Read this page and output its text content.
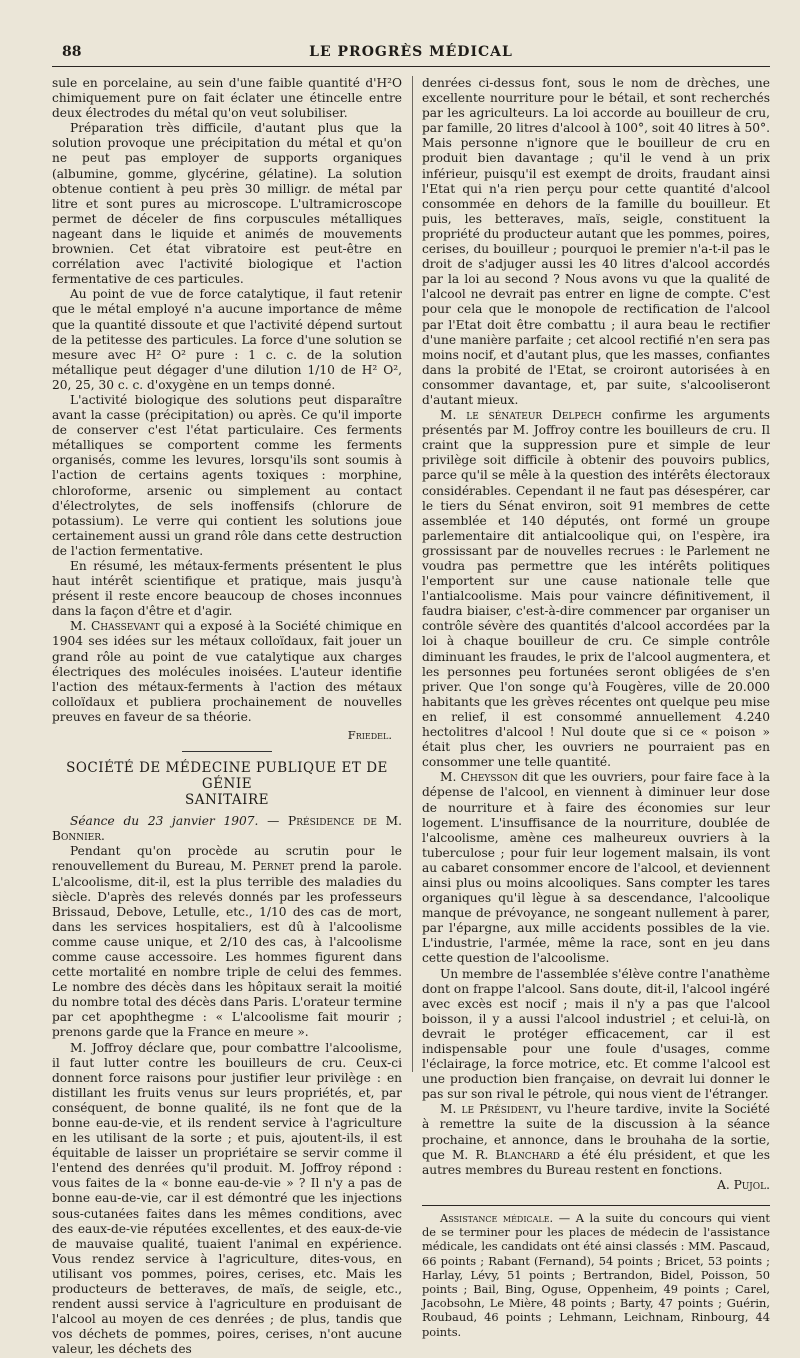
88	LE PROGRÈS MÉDICAL

sule en porcelaine, au sein d'une faible quantité d'H²O chimiquement pure on fait éclater une étincelle entre deux électrodes du métal qu'on veut solubiliser.

Préparation très difficile, d'autant plus que la solution provoque une précipitation du métal et qu'on ne peut pas employer de supports organiques (albumine, gomme, glycérine, gélatine). La solution obtenue contient à peu près 30 milligr. de métal par litre et sont pures au microscope. L'ultramicroscope permet de déceler de fins corpuscules métalliques nageant dans le liquide et animés de mouvements brownien. Cet état vibratoire est peut-être en corrélation avec l'activité biologique et l'action fermentative de ces particules.

Au point de vue de force catalytique, il faut retenir que le métal employé n'a aucune importance de même que la quantité dissoute et que l'activité dépend surtout de la petitesse des particules. La force d'une solution se mesure avec H² O² pure : 1 c. c. de la solution métallique peut dégager d'une dilution 1/10 de H² O², 20, 25, 30 c. c. d'oxygène en un temps donné.

L'activité biologique des solutions peut disparaître avant la casse (précipitation) ou après. Ce qu'il importe de conserver c'est l'état particulaire. Ces ferments métalliques se comportent comme les ferments organisés, comme les levures, lorsqu'ils sont soumis à l'action de certains agents toxiques : morphine, chloroforme, arsenic ou simplement au contact d'électrolytes, de sels inoffensifs (chlorure de potassium). Le verre qui contient les solutions joue certainement aussi un grand rôle dans cette destruction de l'action fermentative.

En résumé, les métaux-ferments présentent le plus haut intérêt scientifique et pratique, mais jusqu'à présent il reste encore beaucoup de choses inconnues dans la façon d'être et d'agir.

M. Chassevant qui a exposé à la Société chimique en 1904 ses idées sur les métaux colloïdaux, fait jouer un grand rôle au point de vue catalytique aux charges électriques des molécules inoisées. L'auteur identifie l'action des métaux-ferments à l'action des métaux colloïdaux et publiera prochainement de nouvelles preuves en faveur de sa théorie.

Friedel.
SOCIÉTÉ DE MÉDECINE PUBLIQUE ET DE GÉNIE
SANITAIRE

Séance du 23 janvier 1907. — Présidence de M. Bonnier.

Pendant qu'on procède au scrutin pour le renouvellement du Bureau, M. Pernet prend la parole. L'alcoolisme, dit-il, est la plus terrible des maladies du siècle. D'après des relevés donnés par les professeurs Brissaud, Debove, Letulle, etc., 1/10 des cas de mort, dans les services hospitaliers, est dû à l'alcoolisme comme cause unique, et 2/10 des cas, à l'alcoolisme comme cause accessoire. Les hommes figurent dans cette mortalité en nombre triple de celui des femmes. Le nombre des décès dans les hôpitaux serait la moitié du nombre total des décès dans Paris. L'orateur termine par cet apophthegme : « L'alcoolisme fait mourir ; prenons garde que la France en meure ».

M. Joffroy déclare que, pour combattre l'alcoolisme, il faut lutter contre les bouilleurs de cru. Ceux-ci donnent force raisons pour justifier leur privilège : en distillant les fruits venus sur leurs propriétés, et, par conséquent, de bonne qualité, ils ne font que de la bonne eau-de-vie, et ils rendent service à l'agriculture en les utilisant de la sorte ; et puis, ajoutent-ils, il est équitable de laisser un propriétaire se servir comme il l'entend des denrées qu'il produit. M. Joffroy répond : vous faites de la « bonne eau-de-vie » ? Il n'y a pas de bonne eau-de-vie, car il est démontré que les injections sous-cutanées faites dans les mêmes conditions, avec des eaux-de-vie réputées excellentes, et des eaux-de-vie de mauvaise qualité, tuaient l'animal en expérience. Vous rendez service à l'agriculture, dites-vous, en utilisant vos pommes, poires, cerises, etc. Mais les producteurs de betteraves, de maïs, de seigle, etc., rendent aussi service à l'agriculture en produisant de l'alcool au moyen de ces denrées ; de plus, tandis que vos déchets de pommes, poires, cerises, n'ont aucune valeur, les déchets des

denrées ci-dessus font, sous le nom de drèches, une excellente nourriture pour le bétail, et sont recherchés par les agriculteurs. La loi accorde au bouilleur de cru, par famille, 20 litres d'alcool à 100°, soit 40 litres à 50°. Mais personne n'ignore que le bouilleur de cru en produit bien davantage ; qu'il le vend à un prix inférieur, puisqu'il est exempt de droits, fraudant ainsi l'Etat qui n'a rien perçu pour cette quantité d'alcool consommée en dehors de la famille du bouilleur. Et puis, les betteraves, maïs, seigle, constituent la propriété du producteur autant que les pommes, poires, cerises, du bouilleur ; pourquoi le premier n'a-t-il pas le droit de s'adjuger aussi les 40 litres d'alcool accordés par la loi au second ? Nous avons vu que la qualité de l'alcool ne devrait pas entrer en ligne de compte. C'est pour cela que le monopole de rectification de l'alcool par l'Etat doit être combattu ; il aura beau le rectifier d'une manière parfaite ; cet alcool rectifié n'en sera pas moins nocif, et d'autant plus, que les masses, confiantes dans la probité de l'Etat, se croiront autorisées à en consommer davantage, et, par suite, s'alcooliseront d'autant mieux.

M. le sénateur Delpech confirme les arguments présentés par M. Joffroy contre les bouilleurs de cru. Il craint que la suppression pure et simple de leur privilège soit difficile à obtenir des pouvoirs publics, parce qu'il se mêle à la question des intérêts électoraux considérables. Cependant il ne faut pas désespérer, car le tiers du Sénat environ, soit 91 membres de cette assemblée et 140 députés, ont formé un groupe parlementaire dit antialcoolique qui, on l'espère, ira grossissant par de nouvelles recrues : le Parlement ne voudra pas permettre que les intérêts politiques l'emportent sur une cause nationale telle que l'antialcoolisme. Mais pour vaincre définitivement, il faudra biaiser, c'est-à-dire commencer par organiser un contrôle sévère des quantités d'alcool accordées par la loi à chaque bouilleur de cru. Ce simple contrôle diminuant les fraudes, le prix de l'alcool augmentera, et les personnes peu fortunées seront obligées de s'en priver. Que l'on songe qu'à Fougères, ville de 20.000 habitants que les grèves récentes ont quelque peu mise en relief, il est consommé annuellement 4.240 hectolitres d'alcool ! Nul doute que si ce « poison » était plus cher, les ouvriers ne pourraient pas en consommer une telle quantité.

M. Cheysson dit que les ouvriers, pour faire face à la dépense de l'alcool, en viennent à diminuer leur dose de nourriture et à faire des économies sur leur logement. L'insuffisance de la nourriture, doublée de l'alcoolisme, amène ces malheureux ouvriers à la tuberculose ; pour fuir leur logement malsain, ils vont au cabaret consommer encore de l'alcool, et deviennent ainsi plus ou moins alcooliques. Sans compter les tares organiques qu'il lègue à sa descendance, l'alcoolique manque de prévoyance, ne songeant nullement à parer, par l'épargne, aux mille accidents possibles de la vie. L'industrie, l'armée, même la race, sont en jeu dans cette question de l'alcoolisme.

Un membre de l'assemblée s'élève contre l'anathème dont on frappe l'alcool. Sans doute, dit-il, l'alcool ingéré avec excès est nocif ; mais il n'y a pas que l'alcool boisson, il y a aussi l'alcool industriel ; et celui-là, on devrait le protéger efficacement, car il est indispensable pour une foule d'usages, comme l'éclairage, la force motrice, etc. Et comme l'alcool est une production bien française, on devrait lui donner le pas sur son rival le pétrole, qui nous vient de l'étranger.

M. le Président, vu l'heure tardive, invite la Société à remettre la suite de la discussion à la séance prochaine, et annonce, dans le brouhaha de la sortie, que M. R. Blanchard a été élu président, et que les autres membres du Bureau restent en fonctions.
A. Pujol.

Assistance médicale. — A la suite du concours qui vient de se terminer pour les places de médecin de l'assistance médicale, les candidats ont été ainsi classés : MM. Pascaud, 66 points ; Rabant (Fernand), 54 points ; Bricet, 53 points ; Harlay, Lévy, 51 points ; Bertrandon, Bidel, Poisson, 50 points ; Bail, Bing, Oguse, Oppenheim, 49 points ; Carel, Jacobsohn, Le Mière, 48 points ; Barty, 47 points ; Guérin, Roubaud, 46 points ; Lehmann, Leichnam, Rinbourg, 44 points.
